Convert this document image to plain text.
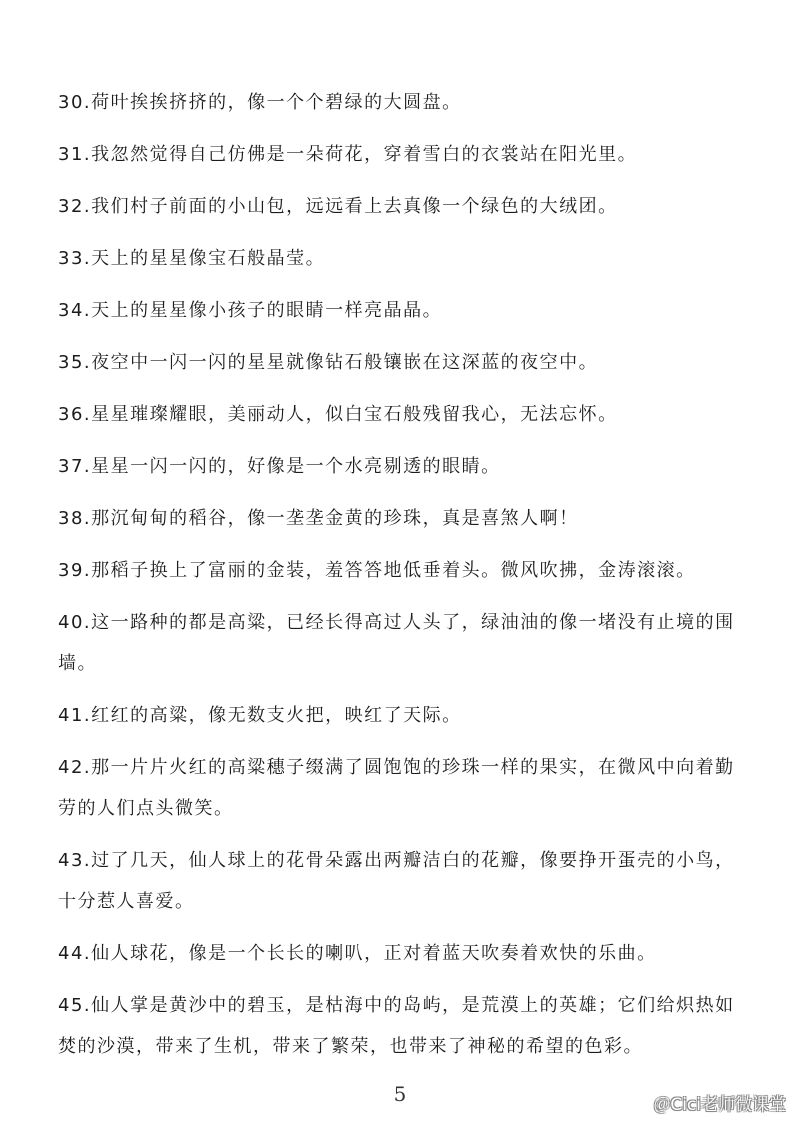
30.荷叶挨挨挤挤的，像一个个碧绿的大圆盘。

31.我忽然觉得自己仿佛是一朵荷花，穿着雪白的衣裳站在阳光里。

32.我们村子前面的小山包，远远看上去真像一个绿色的大绒团。

33.天上的星星像宝石般晶莹。

34.天上的星星像小孩子的眼睛一样亮晶晶。

35.夜空中一闪一闪的星星就像钻石般镶嵌在这深蓝的夜空中。

36.星星璀璨耀眼，美丽动人，似白宝石般残留我心，无法忘怀。

37.星星一闪一闪的，好像是一个水亮剔透的眼睛。

38.那沉甸甸的稻谷，像一垄垄金黄的珍珠，真是喜煞人啊！

39.那稻子换上了富丽的金装，羞答答地低垂着头。微风吹拂，金涛滚滚。

40.这一路种的都是高粱，已经长得高过人头了，绿油油的像一堵没有止境的围墙。

41.红红的高粱，像无数支火把，映红了天际。

42.那一片片火红的高粱穗子缀满了圆饱饱的珍珠一样的果实，在微风中向着勤劳的人们点头微笑。

43.过了几天，仙人球上的花骨朵露出两瓣洁白的花瓣，像要挣开蛋壳的小鸟，十分惹人喜爱。

44.仙人球花，像是一个长长的喇叭，正对着蓝天吹奏着欢快的乐曲。

45.仙人掌是黄沙中的碧玉，是枯海中的岛屿，是荒漠上的英雄；它们给炽热如焚的沙漠，带来了生机，带来了繁荣，也带来了神秘的希望的色彩。

5	＠Cici老师微课堂
